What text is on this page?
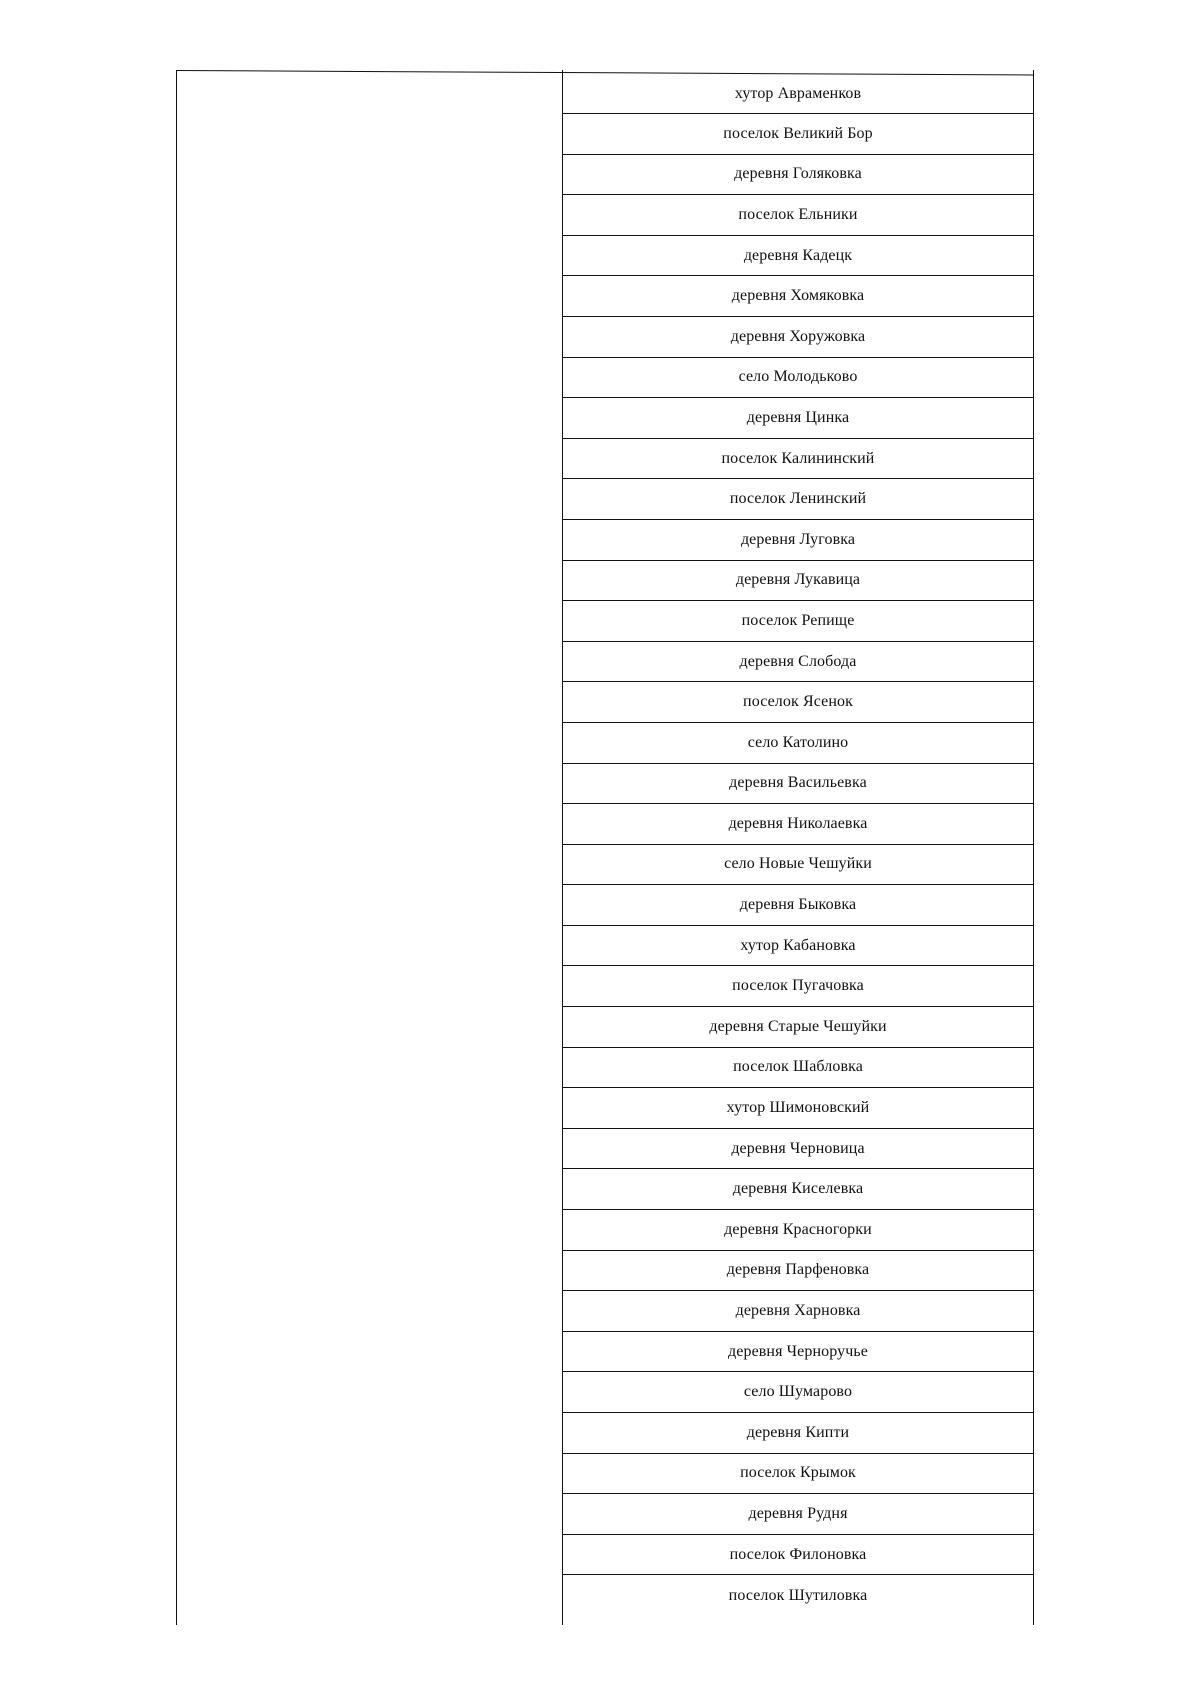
хутор Авраменков
поселок Великий Бор
деревня Голяковка
поселок Ельники
деревня Кадецк
деревня Хомяковка
деревня Хоружовка
село Молодьково
деревня Цинка
поселок Калининский
поселок Ленинский
деревня Луговка
деревня Лукавица
поселок Репище
деревня Слобода
поселок Ясенок
село Католино
деревня Васильевка
деревня Николаевка
село Новые Чешуйки
деревня Быковка
хутор Кабановка
поселок Пугачовка
деревня Старые Чешуйки
поселок Шабловка
хутор Шимоновский
деревня Черновица
деревня Киселевка
деревня Красногорки
деревня Парфеновка
деревня Харновка
деревня Черноручье
село Шумарово
деревня Кипти
поселок Крымок
деревня Рудня
поселок Филоновка
поселок Шутиловка
